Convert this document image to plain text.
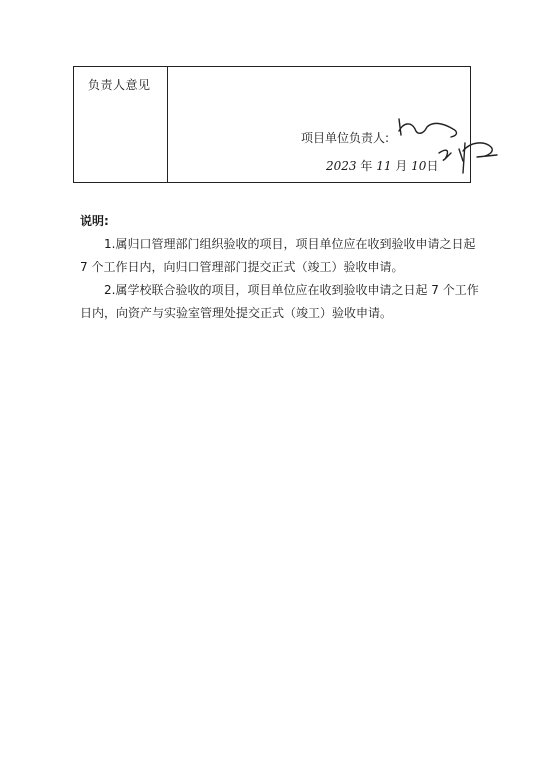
负责人意见
项目单位负责人:
2023 年 11 月 10日
说明:

1.属归口管理部门组织验收的项目，项目单位应在收到验收申请之日起 7 个工作日内，向归口管理部门提交正式（竣工）验收申请。

2.属学校联合验收的项目，项目单位应在收到验收申请之日起 7 个工作日内，向资产与实验室管理处提交正式（竣工）验收申请。
